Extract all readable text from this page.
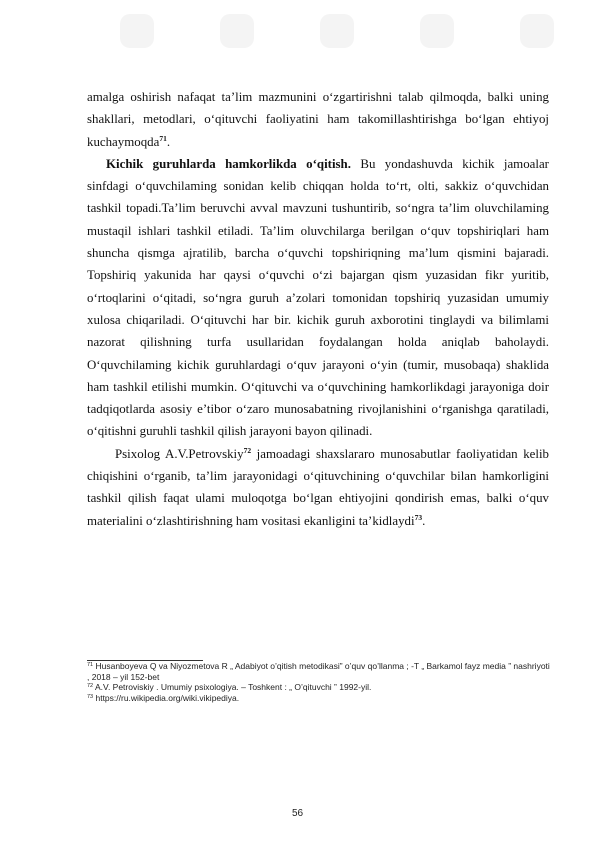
amalga oshirish nafaqat ta’lim mazmunini o‘zgartirishni talab qilmoqda, balki uning shakllari, metodlari, o‘qituvchi faoliyatini ham takomillashtirishga bo‘lgan ehtiyoj kuchaymoqda$^{71}$.

Kichik guruhlarda hamkorlikda o‘qitish. Bu yondashuvda kichik jamoalar sinfdagi o‘quvchilaming sonidan kelib chiqqan holda to‘rt, olti, sakkiz o‘quvchidan tashkil topadi.Ta’lim beruvchi avval mavzuni tushuntirib, so‘ngra ta’lim oluvchilaming mustaqil ishlari tashkil etiladi. Ta’lim oluvchilarga berilgan o‘quv topshiriqlari ham shuncha qismga ajratilib, barcha o‘quvchi topshiriqning ma’lum qismini bajaradi. Topshiriq yakunida har qaysi o‘quvchi o‘zi bajargan qism yuzasidan fikr yuritib, o‘rtoqlarini o‘qitadi, so‘ngra guruh a’zolari tomonidan topshiriq yuzasidan umumiy xulosa chiqariladi. O‘qituvchi har bir. kichik guruh axborotini tinglaydi va bilimlami nazorat qilishning turfa usullaridan foydalangan holda aniqlab baholaydi. O‘quvchilaming kichik guruhlardagi o‘quv jarayoni o‘yin (tumir, musobaqa) shaklida ham tashkil etilishi mumkin. O‘qituvchi va o‘quvchining hamkorlikdagi jarayoniga doir tadqiqotlarda asosiy e’tibor o‘zaro munosabatning rivojlanishini o‘rganishga qaratiladi, o‘qitishni guruhli tashkil qilish jarayoni bayon qilinadi.

Psixolog A.V.Petrovskiy$^{72}$ jamoadagi shaxslararo munosabutlar faoliyatidan kelib chiqishini o‘rganib, ta’lim jarayonidagi o‘qituvchining o‘quvchilar bilan hamkorligini tashkil qilish faqat ulami muloqotga bo‘lgan ehtiyojini qondirish emas, balki o‘quv materialini o‘zlashtirishning ham vositasi ekanligini ta’kidlaydi$^{73}$.

$^{71}$ Husanboyeva Q va Niyozmetova R „ Adabiyot o’qitish metodikasi” o’quv qo’llanma ; -T „ Barkamol fayz media ” nashriyoti , 2018 – yil 152-bet
$^{72}$ A.V. Petroviskiy . Umumiy psixologiya. – Toshkent : „ O’qituvchi ” 1992-yil.
$^{73}$ https://ru.wikipedia.org/wiki.vikipediya.
56
